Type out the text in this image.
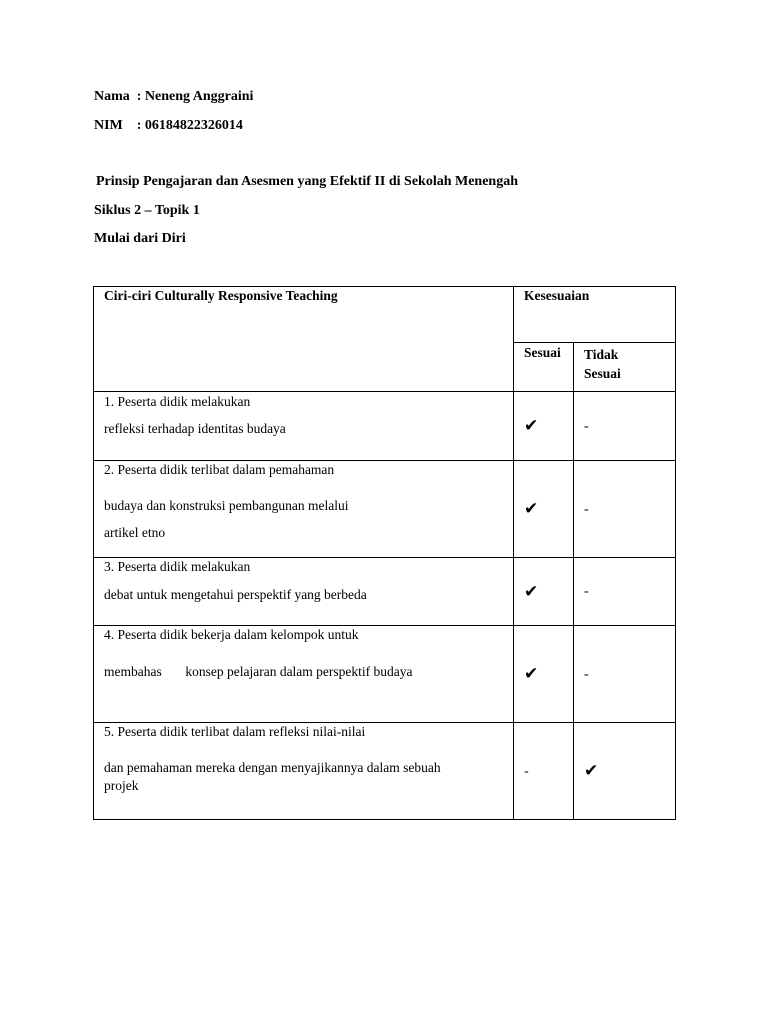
Nama  : Neneng Anggraini
NIM    : 06184822326014
Prinsip Pengajaran dan Asesmen yang Efektif II di Sekolah Menengah
Siklus 2 – Topik 1
Mulai dari Diri
Ciri-ciri Culturally Responsive Teaching	Kesesuaian	
	Sesuai	Tidak
Sesuai

1. Peserta didik melakukan
refleksi terhadap identitas budaya	✔	-

2. Peserta didik terlibat dalam pemahaman
budaya dan konstruksi pembangunan melalui
artikel etno	✔	-

3. Peserta didik melakukan
debat untuk mengetahui perspektif yang berbeda	✔	-

4. Peserta didik bekerja dalam kelompok untuk
membahas       konsep pelajaran dalam perspektif budaya	✔	-

5. Peserta didik terlibat dalam refleksi nilai-nilai
dan pemahaman mereka dengan menyajikannya dalam sebuah
projek	-	✔
